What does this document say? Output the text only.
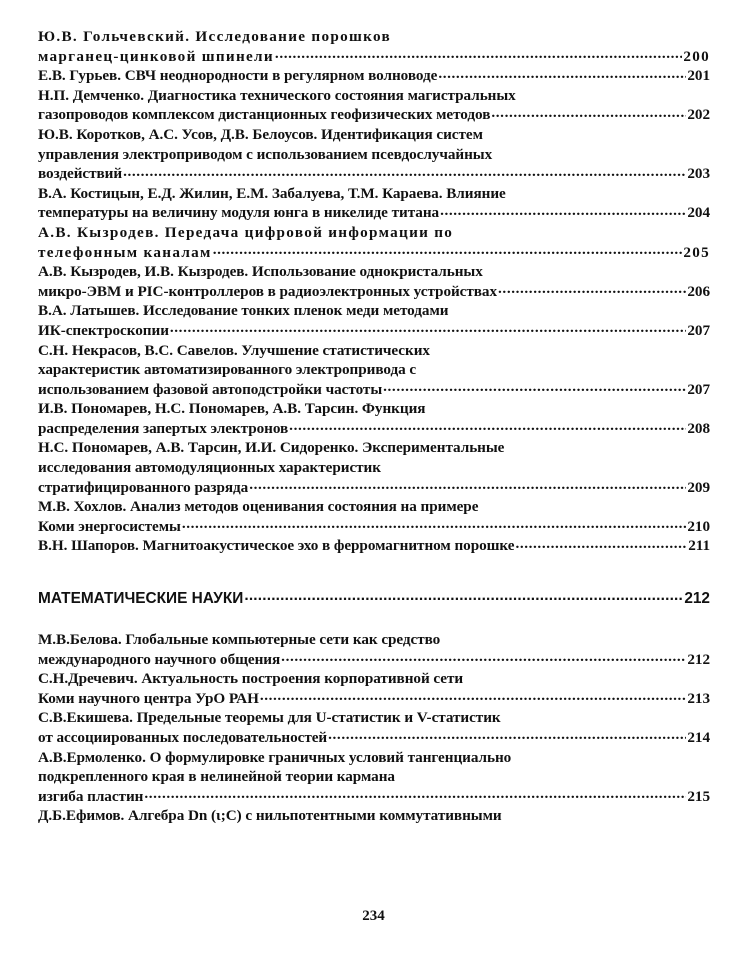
Ю.В. Гольчевский. Исследование порошков
марганец-цинковой шпинели .....	200
Е.В. Гурьев. СВЧ неоднородности в регулярном волноводе .....	201
Н.П. Демченко. Диагностика технического состояния магистральных
газопроводов комплексом дистанционных геофизических методов .....	202
Ю.В. Коротков, А.С. Усов, Д.В. Белоусов. Идентификация систем
управления электроприводом с использованием псевдослучайных
воздействий .....	203
В.А. Костицын, Е.Д. Жилин, Е.М. Забалуева, Т.М. Караева. Влияние
температуры на величину модуля юнга в никелиде титана .....	204
А.В. Кызродев. Передача цифровой информации по
телефонным каналам .....	205
А.В. Кызродев, И.В. Кызродев. Использование однокристальных
микро-ЭВМ и PIC-контроллеров в радиоэлектронных устройствах .....	206
В.А. Латышев. Исследование тонких пленок меди методами
ИК-спектроскопии .....	207
С.Н. Некрасов, В.С. Савелов. Улучшение статистических
характеристик автоматизированного электропривода с
использованием фазовой автоподстройки частоты .....	207
И.В. Пономарев, Н.С. Пономарев, А.В. Тарсин. Функция
распределения запертых электронов .....	208
Н.С. Пономарев, А.В. Тарсин, И.И. Сидоренко. Экспериментальные
исследования автомодуляционных характеристик
стратифицированного разряда .....	209
М.В. Хохлов. Анализ методов оценивания состояния на примере
Коми энергосистемы .....	210
В.Н. Шапоров. Магнитоакустическое эхо в ферромагнитном порошке .....	211
МАТЕМАТИЧЕСКИЕ НАУКИ .....	212
М.В.Белова. Глобальные компьютерные сети как средство
международного научного общения .....	212
С.Н.Дречевич. Актуальность построения корпоративной сети
Коми научного центра УрО РАН .....	213
С.В.Екишева. Предельные теоремы для U-статистик и V-статистик
от ассоциированных последовательностей .....	214
А.В.Ермоленко. О формулировке граничных условий тангенциально
подкрепленного края в нелинейной теории кармана
изгиба пластин .....	215
Д.Б.Ефимов. Алгебра Dn (ι;C) с нильпотентными коммутативными
234
